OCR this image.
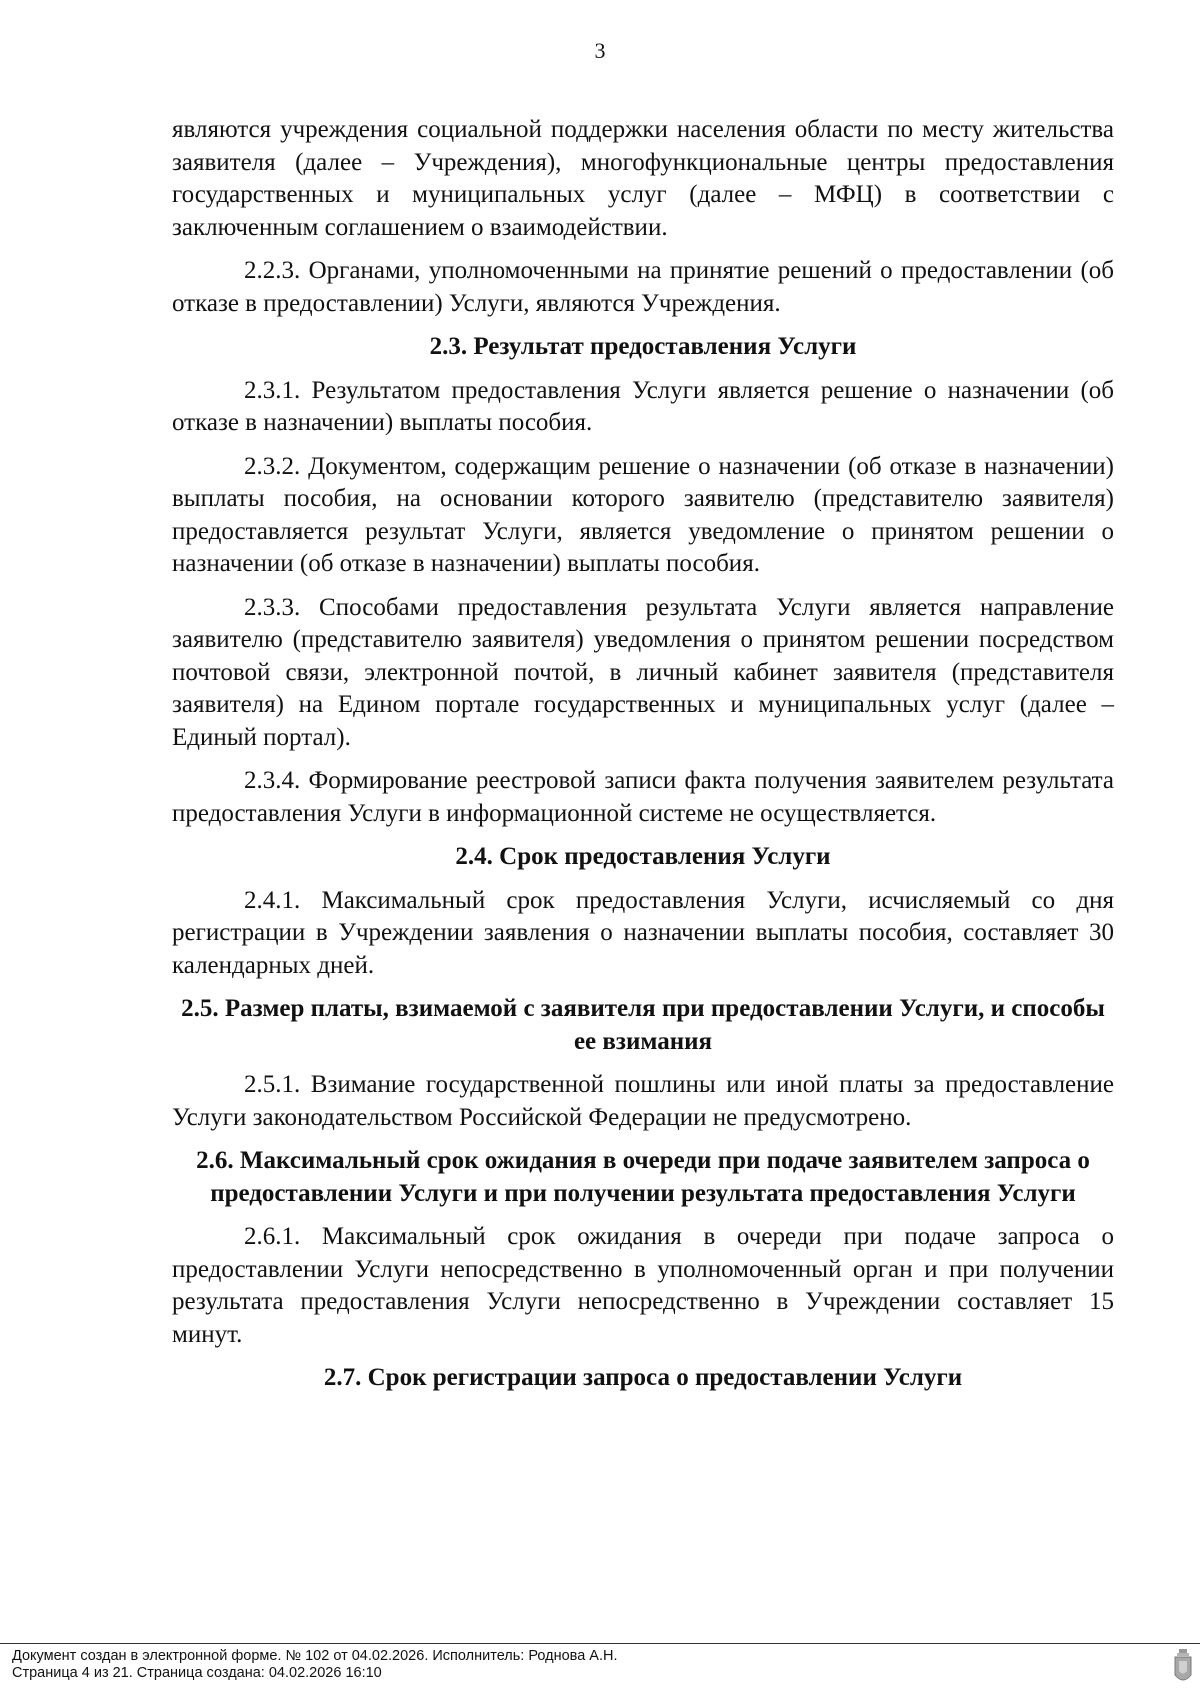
3

являются учреждения социальной поддержки населения области по месту жительства заявителя (далее – Учреждения), многофункциональные центры предоставления государственных и муниципальных услуг (далее – МФЦ) в соответствии с заключенным соглашением о взаимодействии.

2.2.3. Органами, уполномоченными на принятие решений о предоставлении (об отказе в предоставлении) Услуги, являются Учреждения.

2.3. Результат предоставления Услуги

2.3.1. Результатом предоставления Услуги является решение о назначении (об отказе в назначении) выплаты пособия.

2.3.2. Документом, содержащим решение о назначении (об отказе в назначении) выплаты пособия, на основании которого заявителю (представителю заявителя) предоставляется результат Услуги, является уведомление о принятом решении о назначении (об отказе в назначении) выплаты пособия.

2.3.3. Способами предоставления результата Услуги является направление заявителю (представителю заявителя) уведомления о принятом решении посредством почтовой связи, электронной почтой, в личный кабинет заявителя (представителя заявителя) на Едином портале государственных и муниципальных услуг (далее – Единый портал).

2.3.4. Формирование реестровой записи факта получения заявителем результата предоставления Услуги в информационной системе не осуществляется.

2.4. Срок предоставления Услуги

2.4.1. Максимальный срок предоставления Услуги, исчисляемый со дня регистрации в Учреждении заявления о назначении выплаты пособия, составляет 30 календарных дней.

2.5. Размер платы, взимаемой с заявителя при предоставлении Услуги, и способы ее взимания

2.5.1. Взимание государственной пошлины или иной платы за предоставление Услуги законодательством Российской Федерации не предусмотрено.

2.6. Максимальный срок ожидания в очереди при подаче заявителем запроса о предоставлении Услуги и при получении результата предоставления Услуги

2.6.1. Максимальный срок ожидания в очереди при подаче запроса о предоставлении Услуги непосредственно в уполномоченный орган и при получении результата предоставления Услуги непосредственно в Учреждении составляет 15 минут.

2.7. Срок регистрации запроса о предоставлении Услуги
Документ создан в электронной форме. № 102 от 04.02.2026. Исполнитель: Роднова А.Н.
Страница 4 из 21. Страница создана: 04.02.2026 16:10
